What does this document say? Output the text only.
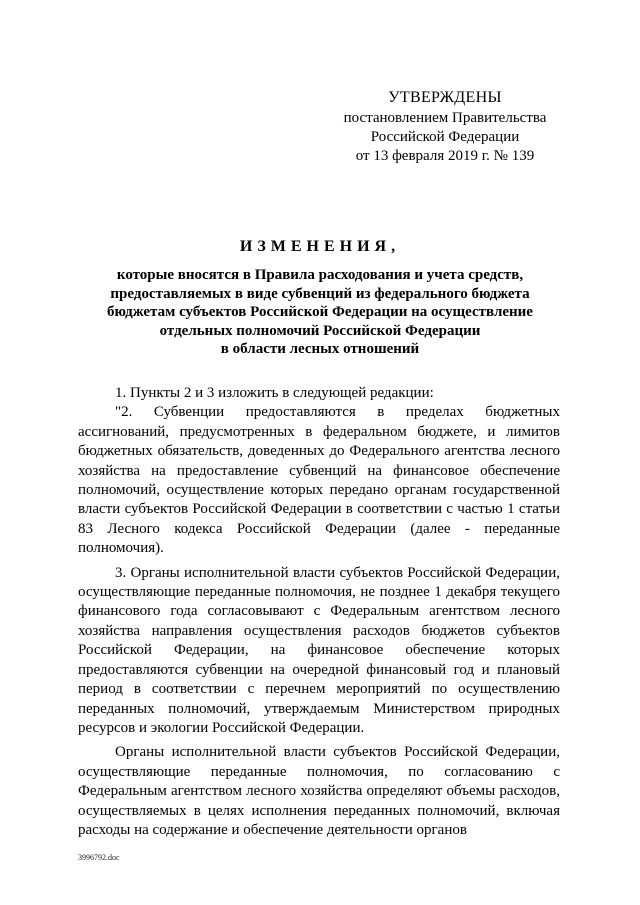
УТВЕРЖДЕНЫ
постановлением Правительства
Российской Федерации
от 13 февраля 2019 г. № 139
ИЗМЕНЕНИЯ,
которые вносятся в Правила расходования и учета средств,
предоставляемых в виде субвенций из федерального бюджета
бюджетам субъектов Российской Федерации на осуществление
отдельных полномочий Российской Федерации
в области лесных отношений

1. Пункты 2 и 3 изложить в следующей редакции:

"2. Субвенции предоставляются в пределах бюджетных ассигнований, предусмотренных в федеральном бюджете, и лимитов бюджетных обязательств, доведенных до Федерального агентства лесного хозяйства на предоставление субвенций на финансовое обеспечение полномочий, осуществление которых передано органам государственной власти субъектов Российской Федерации в соответствии с частью 1 статьи 83 Лесного кодекса Российской Федерации (далее - переданные полномочия).

3. Органы исполнительной власти субъектов Российской Федерации, осуществляющие переданные полномочия, не позднее 1 декабря текущего финансового года согласовывают с Федеральным агентством лесного хозяйства направления осуществления расходов бюджетов субъектов Российской Федерации, на финансовое обеспечение которых предоставляются субвенции на очередной финансовый год и плановый период в соответствии с перечнем мероприятий по осуществлению переданных полномочий, утверждаемым Министерством природных ресурсов и экологии Российской Федерации.

Органы исполнительной власти субъектов Российской Федерации, осуществляющие переданные полномочия, по согласованию с Федеральным агентством лесного хозяйства определяют объемы расходов, осуществляемых в целях исполнения переданных полномочий, включая расходы на содержание и обеспечение деятельности органов

3996792.doc
